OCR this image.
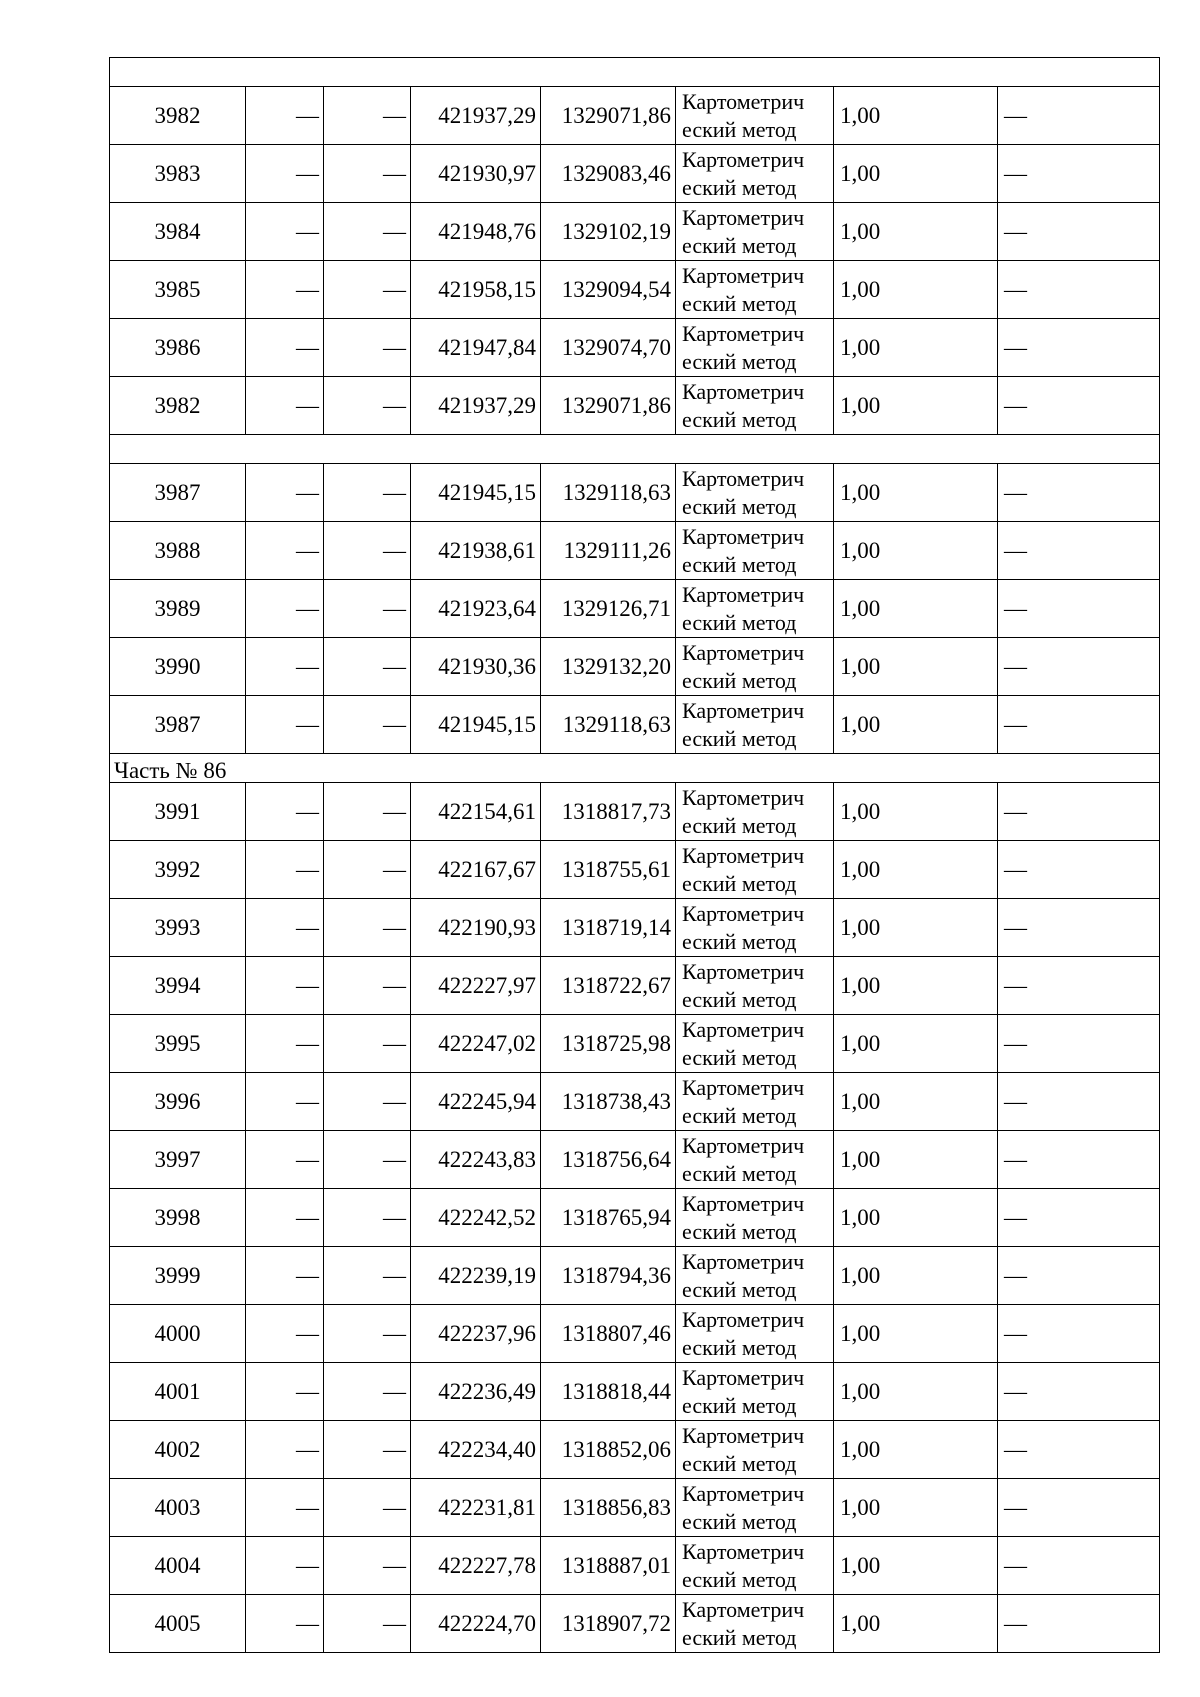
3982	—	—	421937,29	1329071,86	Картометрич еский метод	1,00	—
3983	—	—	421930,97	1329083,46	Картометрич еский метод	1,00	—
3984	—	—	421948,76	1329102,19	Картометрич еский метод	1,00	—
3985	—	—	421958,15	1329094,54	Картометрич еский метод	1,00	—
3986	—	—	421947,84	1329074,70	Картометрич еский метод	1,00	—
3982	—	—	421937,29	1329071,86	Картометрич еский метод	1,00	—

3987	—	—	421945,15	1329118,63	Картометрич еский метод	1,00	—
3988	—	—	421938,61	1329111,26	Картометрич еский метод	1,00	—
3989	—	—	421923,64	1329126,71	Картометрич еский метод	1,00	—
3990	—	—	421930,36	1329132,20	Картометрич еский метод	1,00	—
3987	—	—	421945,15	1329118,63	Картометрич еский метод	1,00	—
Часть № 86							
3991	—	—	422154,61	1318817,73	Картометрич еский метод	1,00	—
3992	—	—	422167,67	1318755,61	Картометрич еский метод	1,00	—
3993	—	—	422190,93	1318719,14	Картометрич еский метод	1,00	—
3994	—	—	422227,97	1318722,67	Картометрич еский метод	1,00	—
3995	—	—	422247,02	1318725,98	Картометрич еский метод	1,00	—
3996	—	—	422245,94	1318738,43	Картометрич еский метод	1,00	—
3997	—	—	422243,83	1318756,64	Картометрич еский метод	1,00	—
3998	—	—	422242,52	1318765,94	Картометрич еский метод	1,00	—
3999	—	—	422239,19	1318794,36	Картометрич еский метод	1,00	—
4000	—	—	422237,96	1318807,46	Картометрич еский метод	1,00	—
4001	—	—	422236,49	1318818,44	Картометрич еский метод	1,00	—
4002	—	—	422234,40	1318852,06	Картометрич еский метод	1,00	—
4003	—	—	422231,81	1318856,83	Картометрич еский метод	1,00	—
4004	—	—	422227,78	1318887,01	Картометрич еский метод	1,00	—
4005	—	—	422224,70	1318907,72	Картометрич еский метод	1,00	—
